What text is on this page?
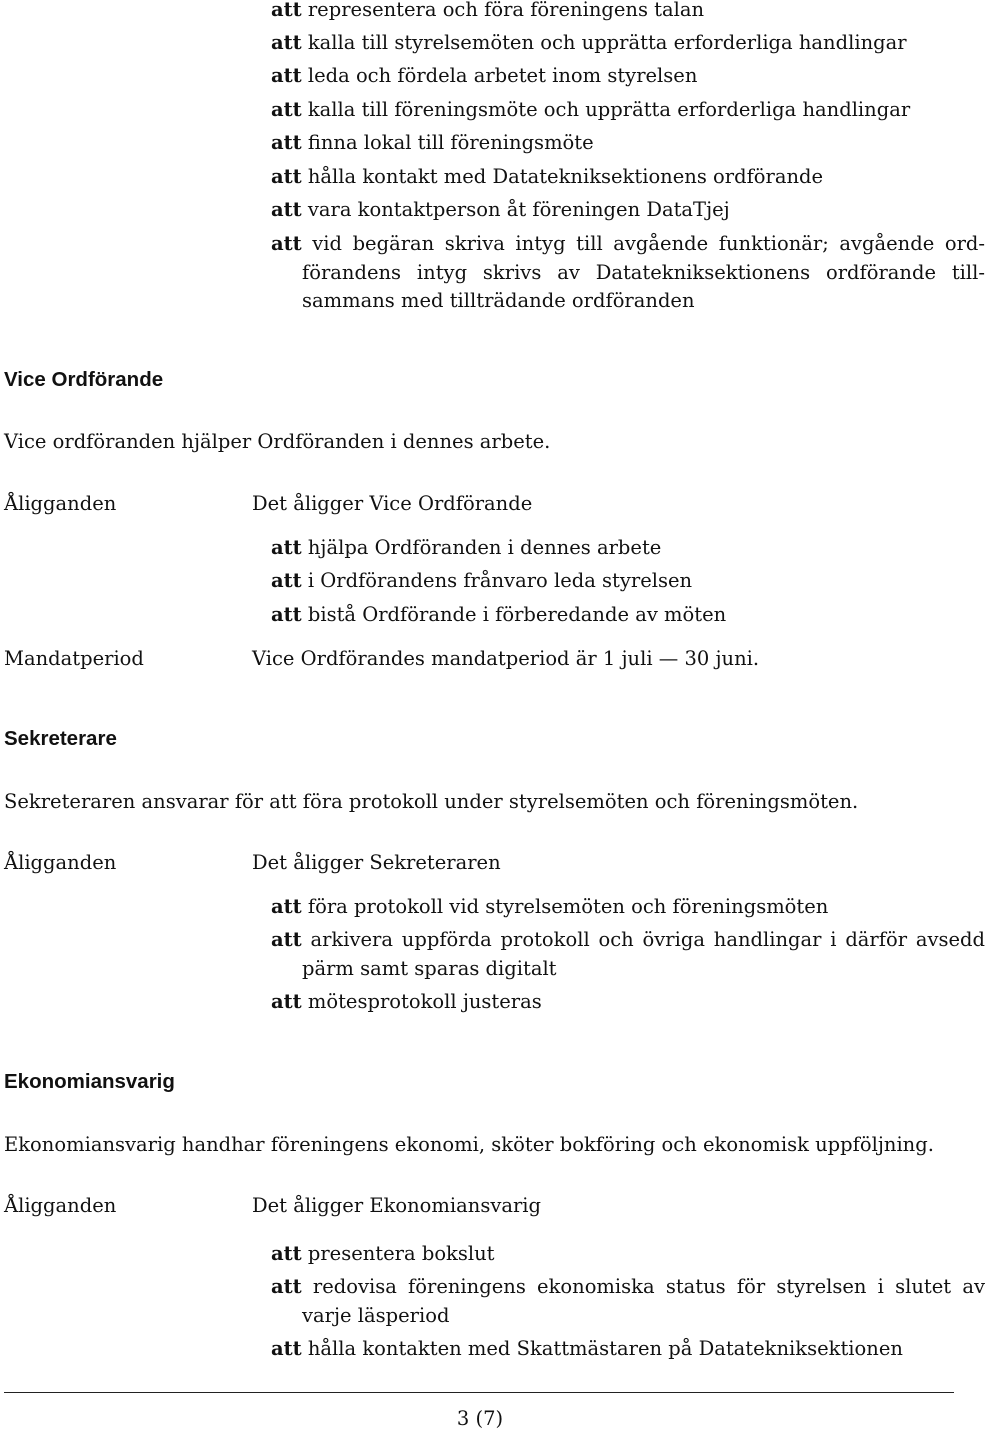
att representera och föra föreningens talan
att kalla till styrelsemöten och upprätta erforderliga handlingar
att leda och fördela arbetet inom styrelsen
att kalla till föreningsmöte och upprätta erforderliga handlingar
att finna lokal till föreningsmöte
att hålla kontakt med Datatekniksektionens ordförande
att vara kontaktperson åt föreningen DataTjej
att vid begäran skriva intyg till avgående funktionär; avgående ordförandens intyg skrivs av Datatekniksektionens ordförande tillsammans med tillträdande ordföranden
Vice Ordförande
Vice ordföranden hjälper Ordföranden i dennes arbete.
Åligganden	Det åligger Vice Ordförande
att hjälpa Ordföranden i dennes arbete
att i Ordförandens frånvaro leda styrelsen
att bistå Ordförande i förberedande av möten
Mandatperiod	Vice Ordförandes mandatperiod är 1 juli — 30 juni.
Sekreterare
Sekreteraren ansvarar för att föra protokoll under styrelsemöten och föreningsmöten.
Åligganden	Det åligger Sekreteraren
att föra protokoll vid styrelsemöten och föreningsmöten
att arkivera uppförda protokoll och övriga handlingar i därför avsedd pärm samt sparas digitalt
att mötesprotokoll justeras
Ekonomiansvarig
Ekonomiansvarig handhar föreningens ekonomi, sköter bokföring och ekonomisk uppföljning.
Åligganden	Det åligger Ekonomiansvarig
att presentera bokslut
att redovisa föreningens ekonomiska status för styrelsen i slutet av varje läsperiod
att hålla kontakten med Skattmästaren på Datatekniksektionen
3 (7)
